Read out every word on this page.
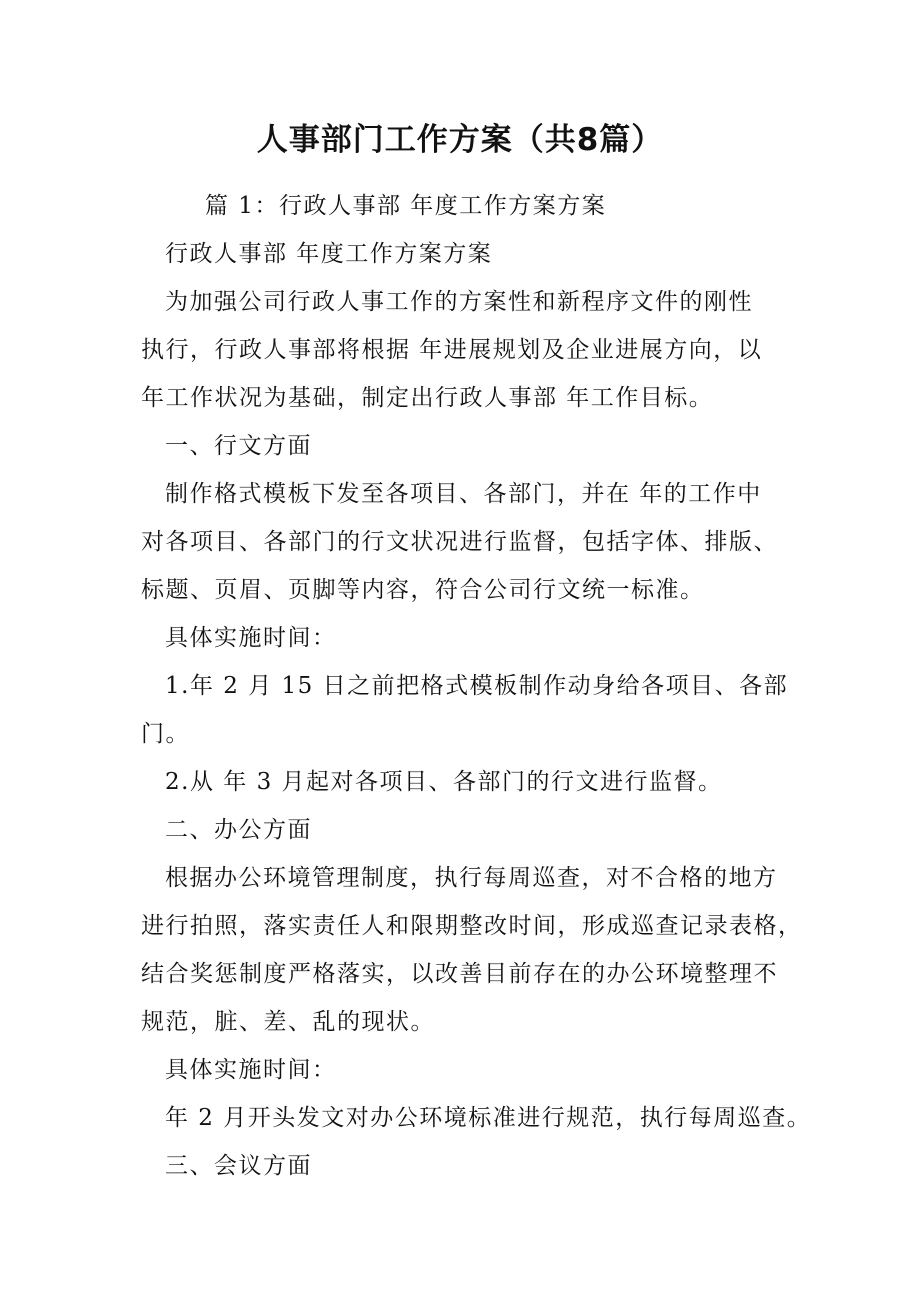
人事部门工作方案（共8篇）
篇 1：行政人事部 年度工作方案方案
行政人事部 年度工作方案方案
为加强公司行政人事工作的方案性和新程序文件的刚性
执行，行政人事部将根据 年进展规划及企业进展方向，以
年工作状况为基础，制定出行政人事部 年工作目标。
一、行文方面
制作格式模板下发至各项目、各部门，并在 年的工作中
对各项目、各部门的行文状况进行监督，包括字体、排版、
标题、页眉、页脚等内容，符合公司行文统一标准。
具体实施时间：
1.年 2 月 15 日之前把格式模板制作动身给各项目、各部
门。
2.从 年 3 月起对各项目、各部门的行文进行监督。
二、办公方面
根据办公环境管理制度，执行每周巡查，对不合格的地方
进行拍照，落实责任人和限期整改时间，形成巡查记录表格，
结合奖惩制度严格落实，以改善目前存在的办公环境整理不
规范，脏、差、乱的现状。
具体实施时间：
年 2 月开头发文对办公环境标准进行规范，执行每周巡查。
三、会议方面
